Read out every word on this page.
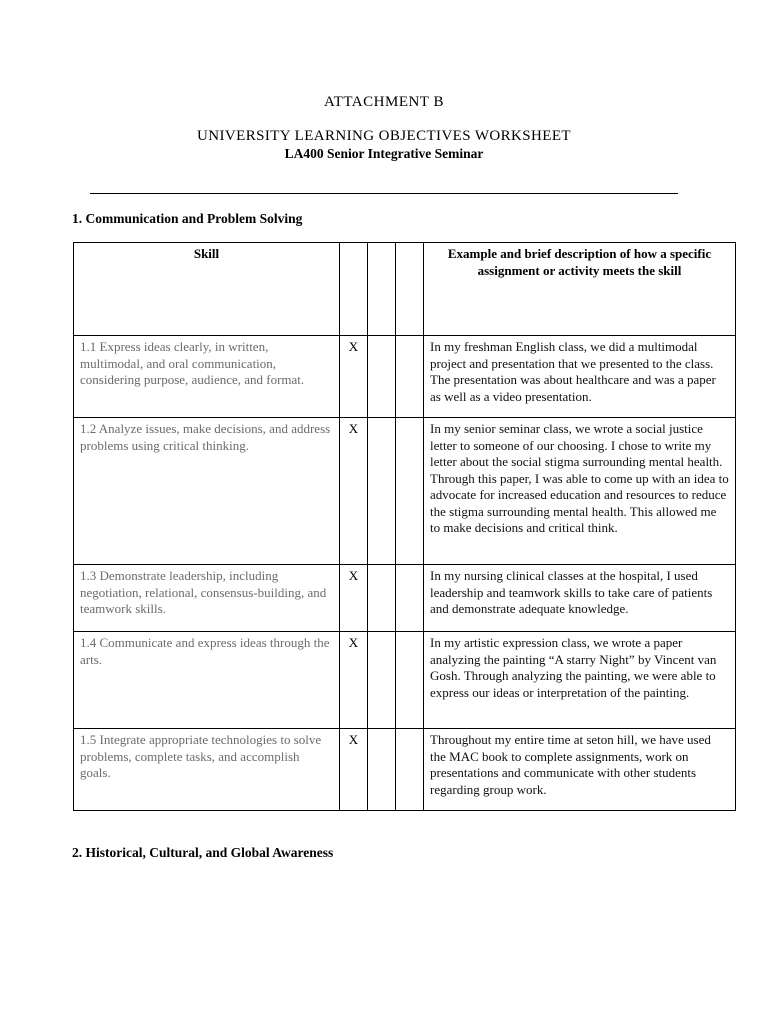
ATTACHMENT B
UNIVERSITY LEARNING OBJECTIVES WORKSHEET
LA400 Senior Integrative Seminar
1. Communication and Problem Solving
Skill				Example and brief description of how a specific assignment or activity meets the skill
1.1 Express ideas clearly, in written, multimodal, and oral communication, considering purpose, audience, and format.	X			In my freshman English class, we did a multimodal project and presentation that we presented to the class. The presentation was about healthcare and was a paper as well as a video presentation.
1.2 Analyze issues, make decisions, and address problems using critical thinking.	X			In my senior seminar class, we wrote a social justice letter to someone of our choosing. I chose to write my letter about the social stigma surrounding mental health. Through this paper, I was able to come up with an idea to advocate for increased education and resources to reduce the stigma surrounding mental health. This allowed me to make decisions and critical think.
1.3 Demonstrate leadership, including negotiation, relational, consensus-building, and teamwork skills.	X			In my nursing clinical classes at the hospital, I used leadership and teamwork skills to take care of patients and demonstrate adequate knowledge.
1.4 Communicate and express ideas through the arts.	X			In my artistic expression class, we wrote a paper analyzing the painting “A starry Night” by Vincent van Gosh. Through analyzing the painting, we were able to express our ideas or interpretation of the painting.
1.5 Integrate appropriate technologies to solve problems, complete tasks, and accomplish goals.	X			Throughout my entire time at seton hill, we have used the MAC book to complete assignments, work on presentations and communicate with other students regarding group work.
2. Historical, Cultural, and Global Awareness
